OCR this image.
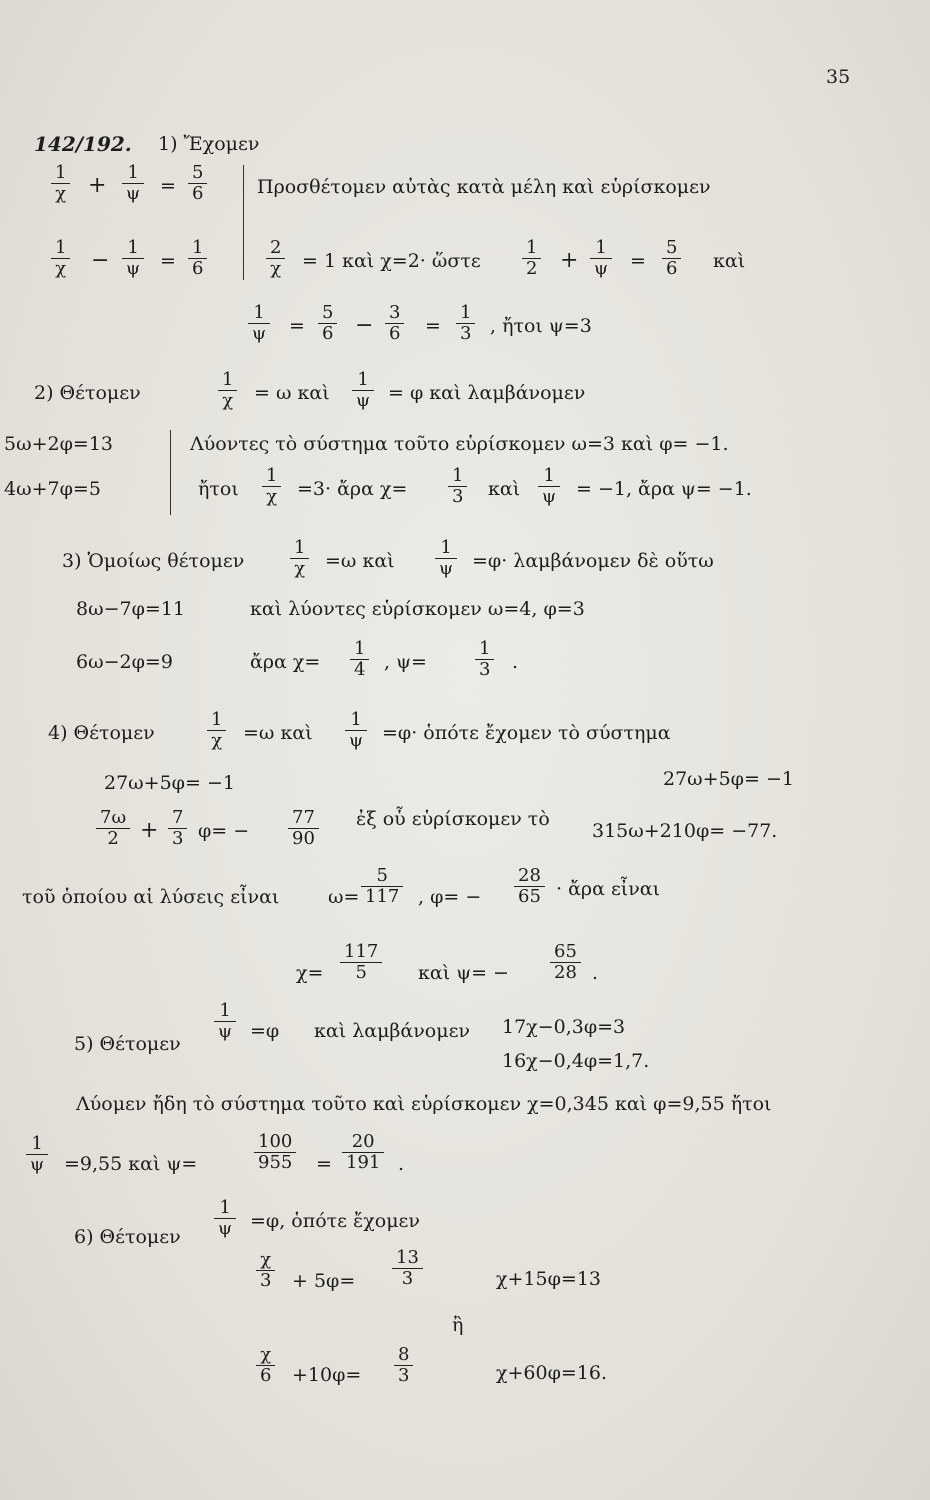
35
142/192. 1) Ἔχομεν
1
χ +
1
ψ =
5
6
1
χ −
1
ψ =
1
6
Προσθέτομεν αὐτὰς κατὰ μέλη καὶ εὑρίσκομεν
2
χ = 1 καὶ χ=2· ὥστε
1
2 +
1
ψ =
5
6 καὶ
1
ψ =
5
6 −
3
6 =
1
3 , ἤτοι ψ=3
2) Θέτομεν
1
χ = ω καὶ
1
ψ = φ καὶ λαμβάνομεν
5ω+2φ=13
4ω+7φ=5
Λύοντες τὸ σύστημα τοῦτο εὑρίσκομεν ω=3 καὶ φ= −1.
ἤτοι
1
χ =3· ἄρα χ=
1
3 καὶ
1
ψ = −1, ἄρα ψ= −1.
3) Ὁμοίως θέτομεν
1
χ =ω καὶ
1
ψ =φ· λαμβάνομεν δὲ οὕτω
8ω−7φ=11	καὶ λύοντες εὑρίσκομεν ω=4, φ=3
6ω−2φ=9	ἄρα χ=
1
4 , ψ=
1
3 .
4) Θέτομεν
1
χ =ω καὶ
1
ψ =φ· ὁπότε ἔχομεν τὸ σύστημα
27ω+5φ= −1	27ω+5φ= −1
7ω
2 +
7
3 φ= −
77
90
ἐξ οὗ εὑρίσκομεν τὸ
315ω+210φ= −77.
τοῦ ὁποίου αἱ λύσεις εἶναι	ω=
5
117 , φ= −
28
65 · ἄρα εἶναι
χ=
117
5	καὶ ψ= −
65
28 .
5) Θέτομεν
1
ψ =φ καὶ λαμβάνομεν 17χ−0,3φ=3
16χ−0,4φ=1,7.
Λύομεν ἤδη τὸ σύστημα τοῦτο καὶ εὑρίσκομεν χ=0,345 καὶ φ=9,55 ἤτοι
1
ψ =9,55 καὶ ψ=
100
955 =
20
191 .
6) Θέτομεν
1
ψ =φ, ὁπότε ἔχομεν
χ
3 + 5φ=
13
3	χ+15φ=13
ἢ
χ
6 +10φ=
8
3	χ+60φ=16.
